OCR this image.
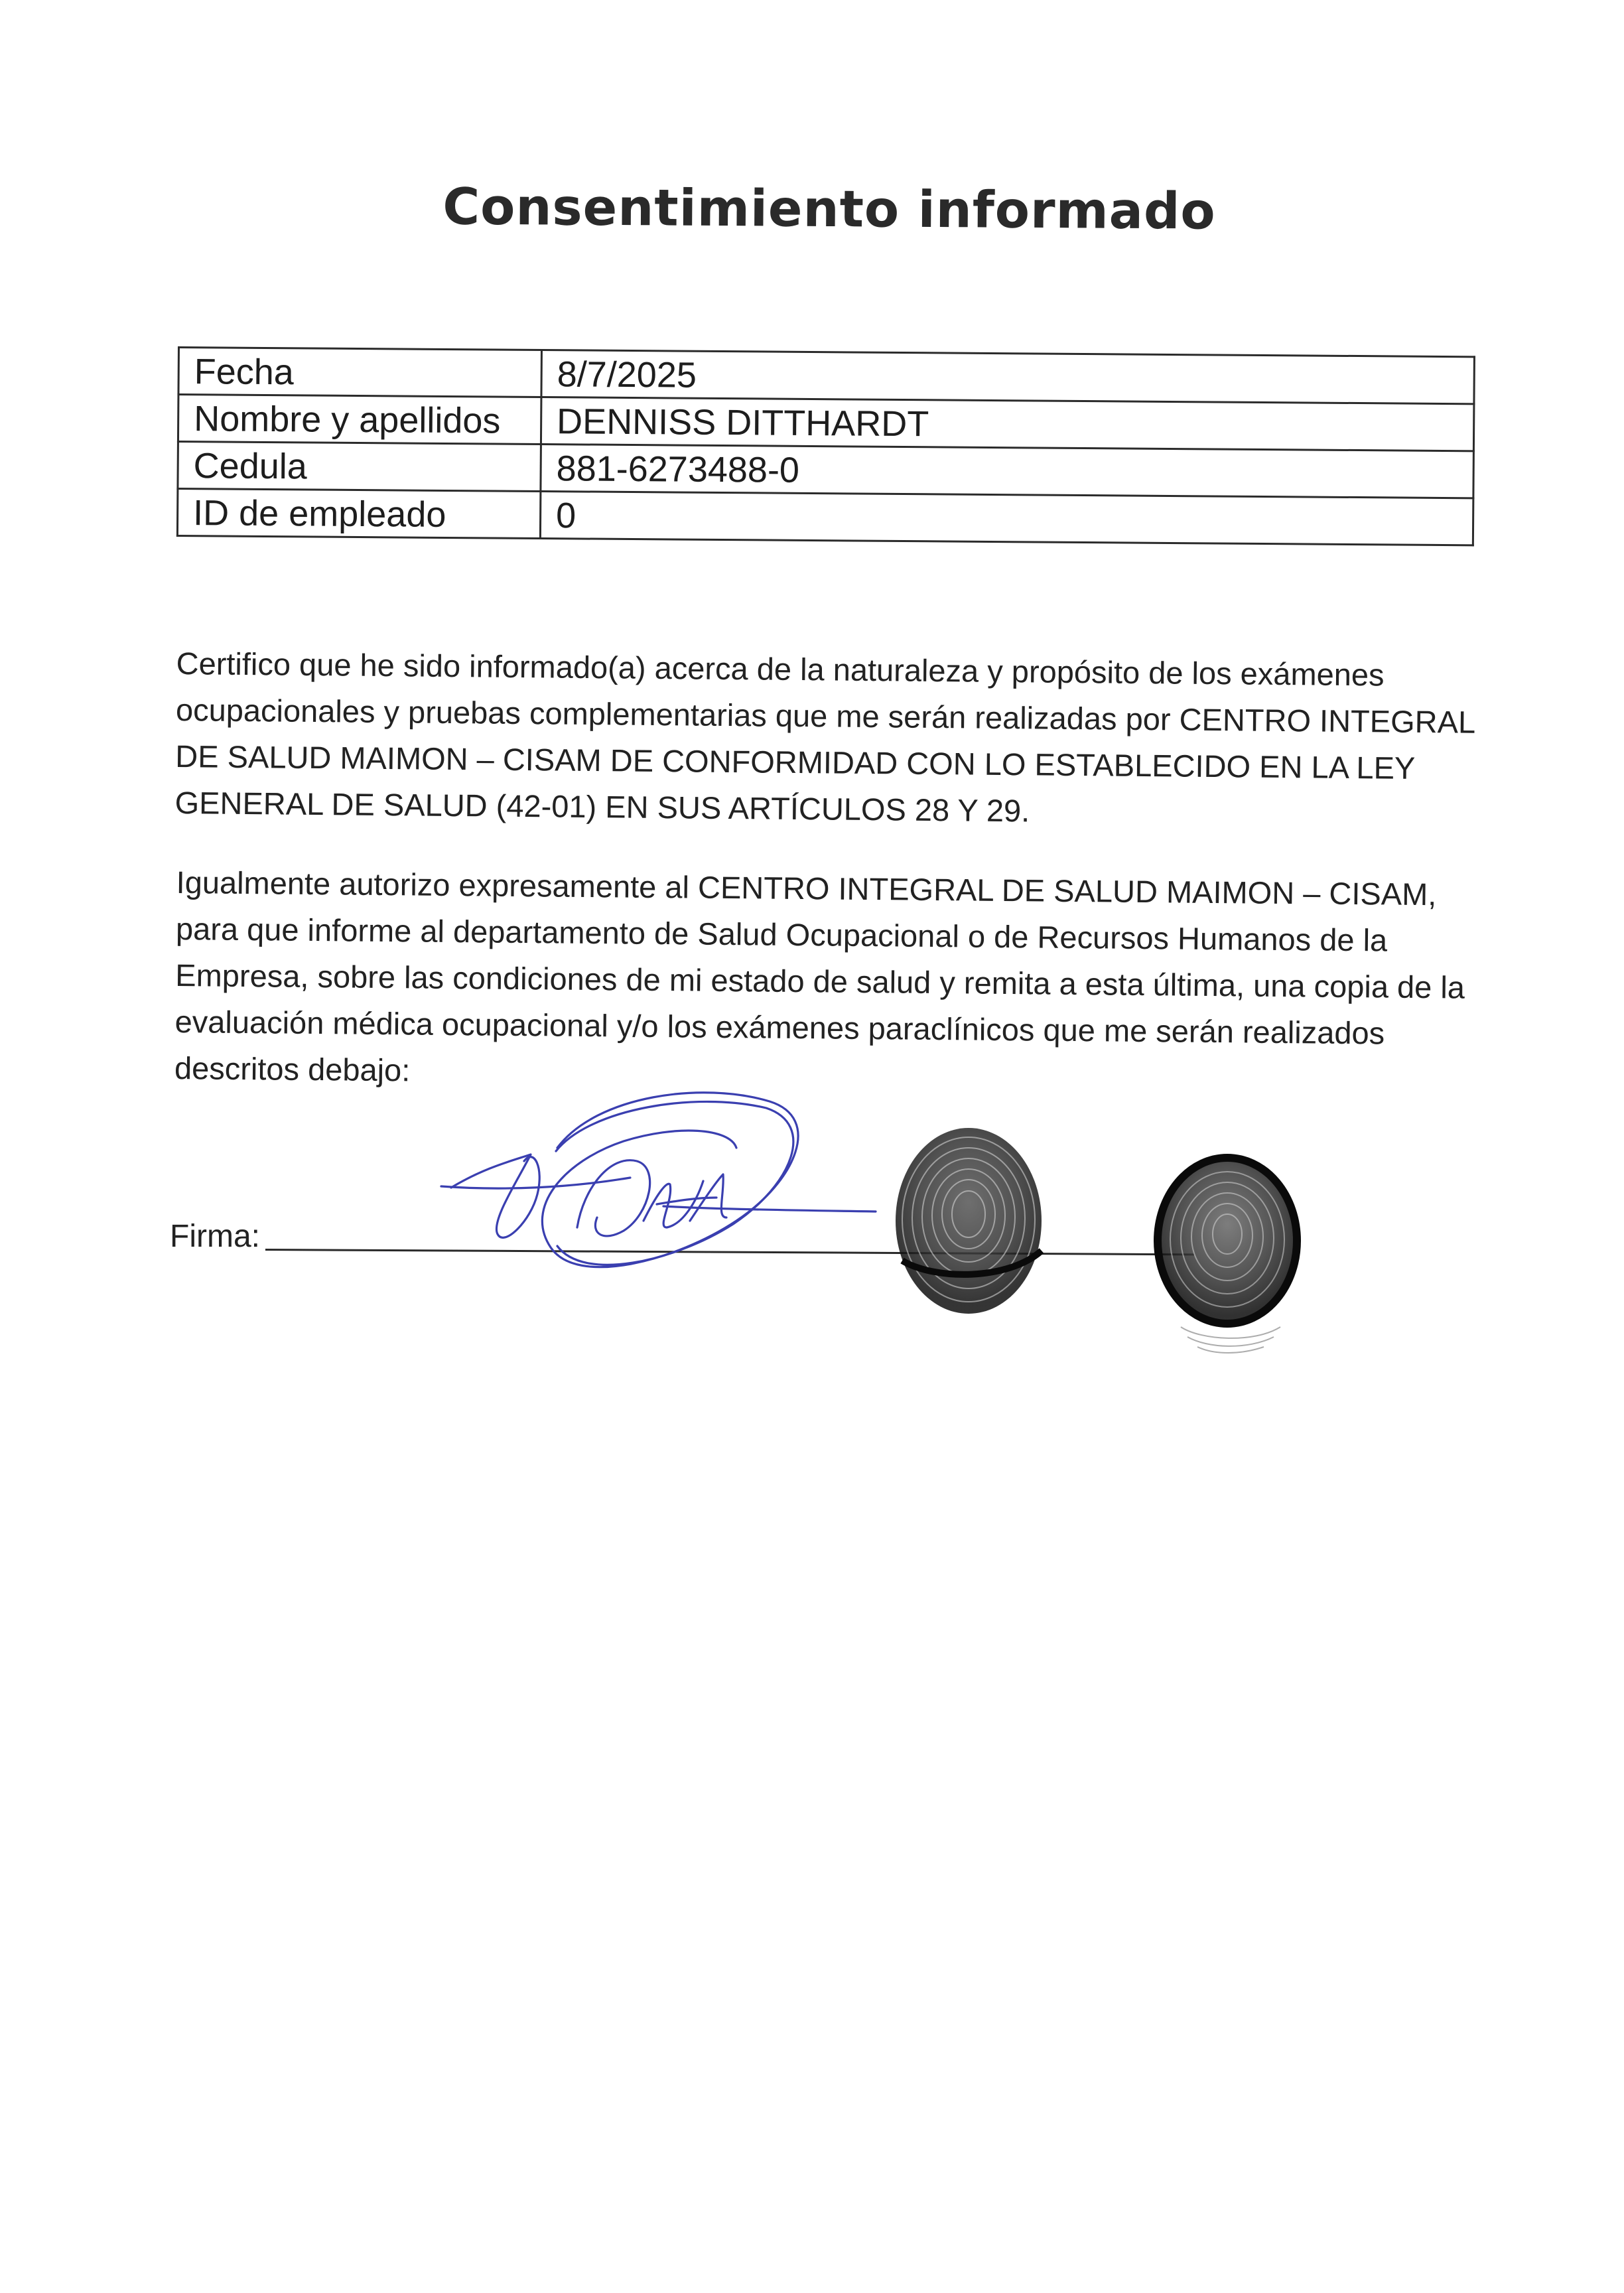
Consentimiento informado
Fecha	8/7/2025
Nombre y apellidos	DENNISS DITTHARDT
Cedula	881-6273488-0
ID de empleado	0

Certifico que he sido informado(a) acerca de la naturaleza y propósito de los exámenes ocupacionales y pruebas complementarias que me serán realizadas por CENTRO INTEGRAL DE SALUD MAIMON – CISAM DE CONFORMIDAD CON LO ESTABLECIDO EN LA LEY GENERAL DE SALUD (42-01) EN SUS ARTÍCULOS 28 Y 29.

Igualmente autorizo expresamente al CENTRO INTEGRAL DE SALUD MAIMON – CISAM, para que informe al departamento de Salud Ocupacional o de Recursos Humanos de la Empresa, sobre las condiciones de mi estado de salud y remita a esta última, una copia de la evaluación médica ocupacional y/o los exámenes paraclínicos que me serán realizados descritos debajo:

Firma:
